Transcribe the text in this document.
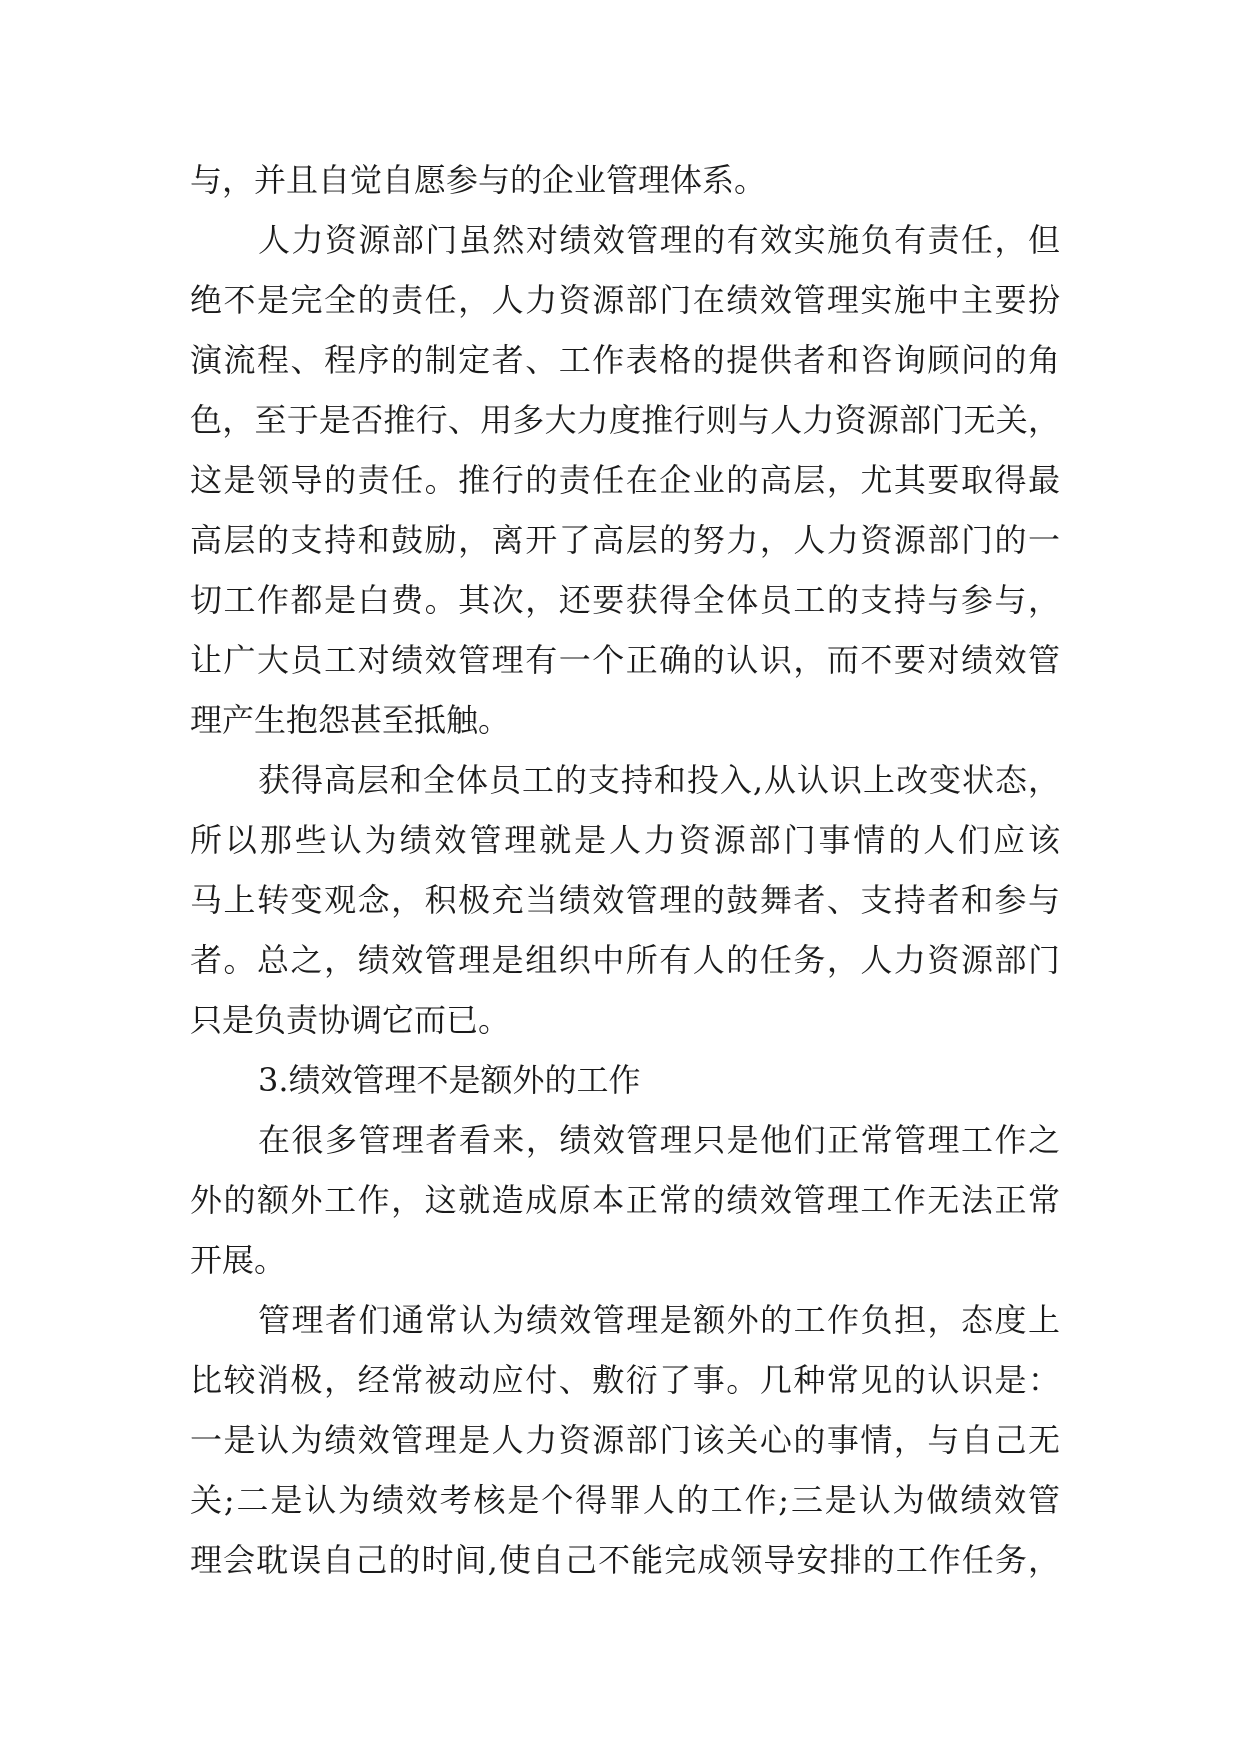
与，并且自觉自愿参与的企业管理体系。
人力资源部门虽然对绩效管理的有效实施负有责任，但
绝不是完全的责任，人力资源部门在绩效管理实施中主要扮
演流程、程序的制定者、工作表格的提供者和咨询顾问的角
色，至于是否推行、用多大力度推行则与人力资源部门无关，
这是领导的责任。推行的责任在企业的高层，尤其要取得最
高层的支持和鼓励，离开了高层的努力，人力资源部门的一
切工作都是白费。其次，还要获得全体员工的支持与参与，
让广大员工对绩效管理有一个正确的认识，而不要对绩效管
理产生抱怨甚至抵触。
获得高层和全体员工的支持和投入,从认识上改变状态，
所以那些认为绩效管理就是人力资源部门事情的人们应该
马上转变观念，积极充当绩效管理的鼓舞者、支持者和参与
者。总之，绩效管理是组织中所有人的任务，人力资源部门
只是负责协调它而已。
3.绩效管理不是额外的工作
在很多管理者看来，绩效管理只是他们正常管理工作之
外的额外工作，这就造成原本正常的绩效管理工作无法正常
开展。
管理者们通常认为绩效管理是额外的工作负担，态度上
比较消极，经常被动应付、敷衍了事。几种常见的认识是：
一是认为绩效管理是人力资源部门该关心的事情，与自己无
关;二是认为绩效考核是个得罪人的工作;三是认为做绩效管
理会耽误自己的时间,使自己不能完成领导安排的工作任务，
